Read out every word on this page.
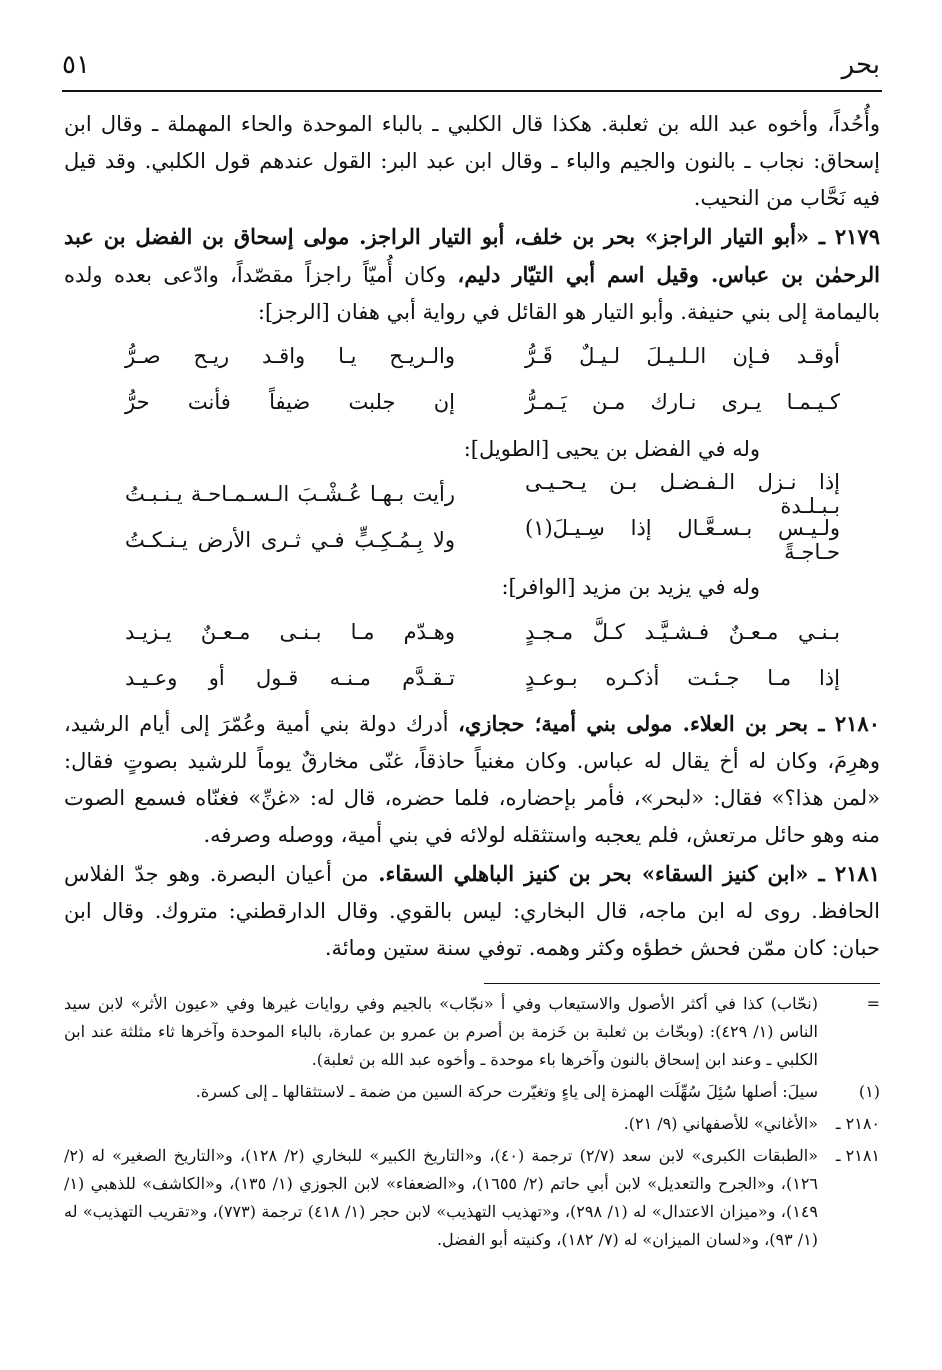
٥١	بحر

وأُحُداً، وأخوه عبد الله بن ثعلبة. هكذا قال الكلبي ـ بالباء الموحدة والحاء المهملة ـ وقال ابن إسحاق: نجاب ـ بالنون والجيم والباء ـ وقال ابن عبد البر: القول عندهم قول الكلبي. وقد قيل فيه نَحَّاب من النحيب.

٢١٧٩ ـ «أبو التيار الراجز» بحر بن خلف، أبو التيار الراجز. مولى إسحاق بن الفضل بن عبد الرحمٰن بن عباس. وقيل اسم أبي التيّار دليم، وكان أُميّاً راجزاً مقصّداً، وادّعى بعده ولده باليمامة إلى بني حنيفة. وأبو التيار هو القائل في رواية أبي هفان [الرجز]:

أوقـد فـإن الـلـيـلَ لـيـلٌ قَـرُّ
والـريـح يـا واقـد ريـح صـرُّ
كـيـمـا يـرى نـارك مـن يَـمـرُّ
إن جلبت ضيفاً فأنت حرُّ
وله في الفضل بن يحيى [الطويل]:
إذا نـزل الـفـضـل بـن يـحـيـى بـبـلـدة
رأيت بـهـا عُـشْـبَ الـسـمـاحـة يـنـبـتُ
ولـيـس بـسـعَّـال إذا سِـيـلَ(١) حـاجـةً
ولا بِـمُـكِـبٍّ فـي ثـرى الأرض يـنـكـتُ
وله في يزيد بن مزيد [الوافر]:
بـنـي مـعـنٌ فـشـيَّـد كـلَّ مـجـدٍ
وهـدّم مـا بـنـى مـعـنٌ يـزيـد
إذا مـا جـئـت أذكـره بـوعـدٍ
تـقـدَّم مـنـه قـول أو وعـيـد

٢١٨٠ ـ بحر بن العلاء. مولى بني أمية؛ حجازي، أدرك دولة بني أمية وعُمّرَ إلى أيام الرشيد، وهرِمَ، وكان له أخ يقال له عباس. وكان مغنياً حاذقاً، غنّى مخارقٌ يوماً للرشيد بصوتٍ فقال: «لمن هذا؟» فقال: «لبحر»، فأمر بإحضاره، فلما حضره، قال له: «غنِّ» فغنّاه فسمع الصوت منه وهو حائل مرتعش، فلم يعجبه واستثقله لولائه في بني أمية، ووصله وصرفه.

٢١٨١ ـ «ابن كنيز السقاء» بحر بن كنيز الباهلي السقاء. من أعيان البصرة. وهو جدّ الفلاس الحافظ. روى له ابن ماجه، قال البخاري: ليس بالقوي. وقال الدارقطني: متروك. وقال ابن حبان: كان ممّن فحش خطؤه وكثر وهمه. توفي سنة ستين ومائة.

=
(نحّاب) كذا في أكثر الأصول والاستيعاب وفي أ «نجّاب» بالجيم وفي روايات غيرها وفي «عيون الأثر» لابن سيد الناس (١/ ٤٢٩): (وبحّاث بن ثعلبة بن خَزمة بن أصرم بن عمرو بن عمارة، بالباء الموحدة وآخرها ثاء مثلثة عند ابن الكلبي ـ وعند ابن إسحاق بالنون وآخرها باء موحدة ـ وأخوه عبد الله بن ثعلبة).
(١)
سيلَ: أصلها سُئِلَ سُهِّلَت الهمزة إلى ياءٍ وتغيّرت حركة السين من ضمة ـ لاستثقالها ـ إلى كسرة.
٢١٨٠ ـ
«الأغاني» للأصفهاني (٩/ ٢١).
٢١٨١ ـ
«الطبقات الكبرى» لابن سعد (٢/٧) ترجمة (٤٠)، و«التاريخ الكبير» للبخاري (٢/ ١٢٨)، و«التاريخ الصغير» له (٢/ ١٢٦)، و«الجرح والتعديل» لابن أبي حاتم (٢/ ١٦٥٥)، و«الضعفاء» لابن الجوزي (١/ ١٣٥)، و«الكاشف» للذهبي (١/ ١٤٩)، و«ميزان الاعتدال» له (١/ ٢٩٨)، و«تهذيب التهذيب» لابن حجر (١/ ٤١٨) ترجمة (٧٧٣)، و«تقريب التهذيب» له (١/ ٩٣)، و«لسان الميزان» له (٧/ ١٨٢)، وكنيته أبو الفضل.
